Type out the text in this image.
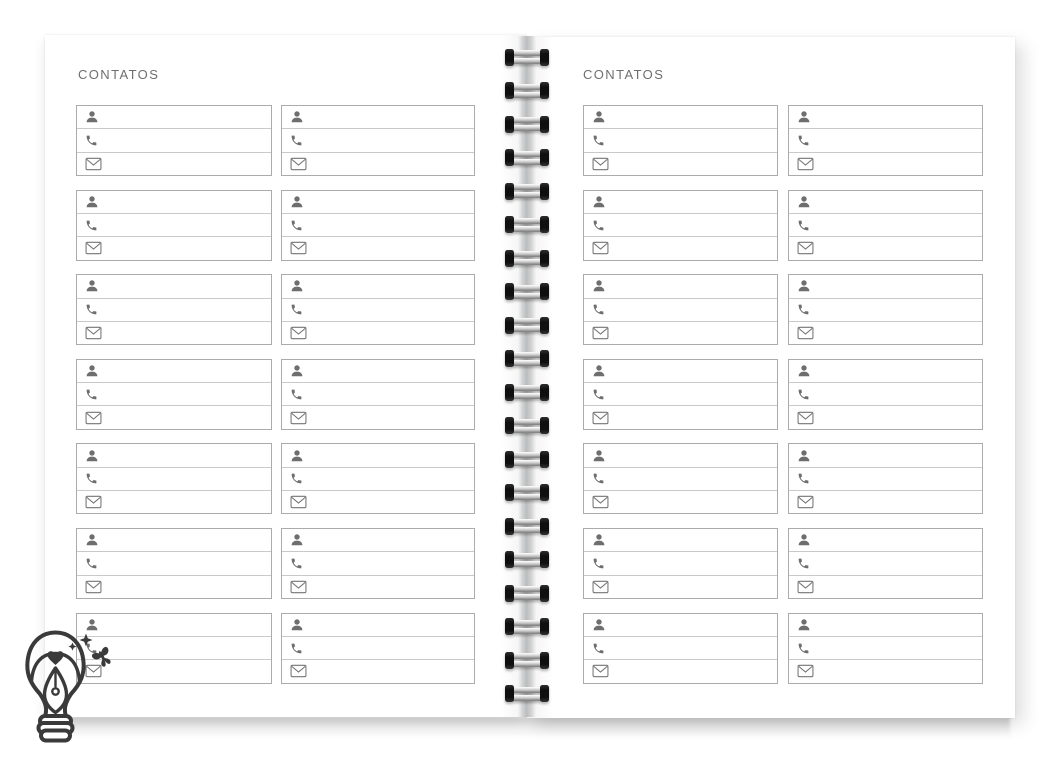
CONTATOS	CONTATOS
